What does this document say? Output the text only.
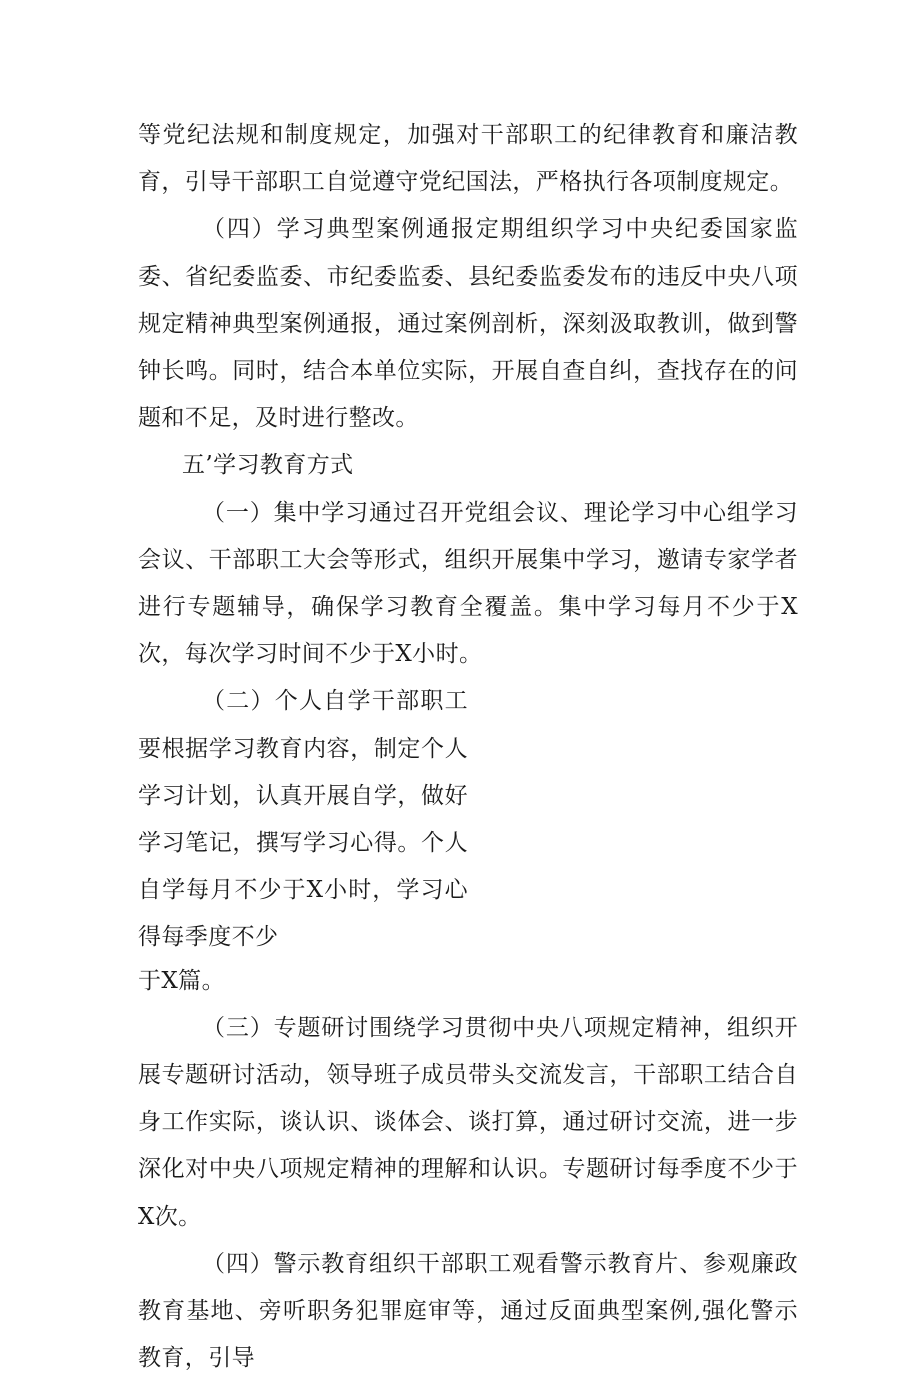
等党纪法规和制度规定，加强对干部职工的纪律教育和廉洁教育，引导干部职工自觉遵守党纪国法，严格执行各项制度规定。

（四）学习典型案例通报定期组织学习中央纪委国家监委、省纪委监委、市纪委监委、县纪委监委发布的违反中央八项规定精神典型案例通报，通过案例剖析，深刻汲取教训，做到警钟长鸣。同时，结合本单位实际，开展自查自纠，查找存在的问题和不足，及时进行整改。

五’学习教育方式

（一）集中学习通过召开党组会议、理论学习中心组学习会议、干部职工大会等形式，组织开展集中学习，邀请专家学者进行专题辅导，确保学习教育全覆盖。集中学习每月不少于X次，每次学习时间不少于X小时。

（二）个人自学干部职工要根据学习教育内容，制定个人学习计划，认真开展自学，做好学习笔记，撰写学习心得。个人自学每月不少于X小时，学习心得每季度不少

于X篇。

（三）专题研讨围绕学习贯彻中央八项规定精神，组织开展专题研讨活动，领导班子成员带头交流发言，干部职工结合自身工作实际，谈认识、谈体会、谈打算，通过研讨交流，进一步深化对中央八项规定精神的理解和认识。专题研讨每季度不少于X次。

（四）警示教育组织干部职工观看警示教育片、参观廉政教育基地、旁听职务犯罪庭审等，通过反面典型案例,强化警示教育，引导
